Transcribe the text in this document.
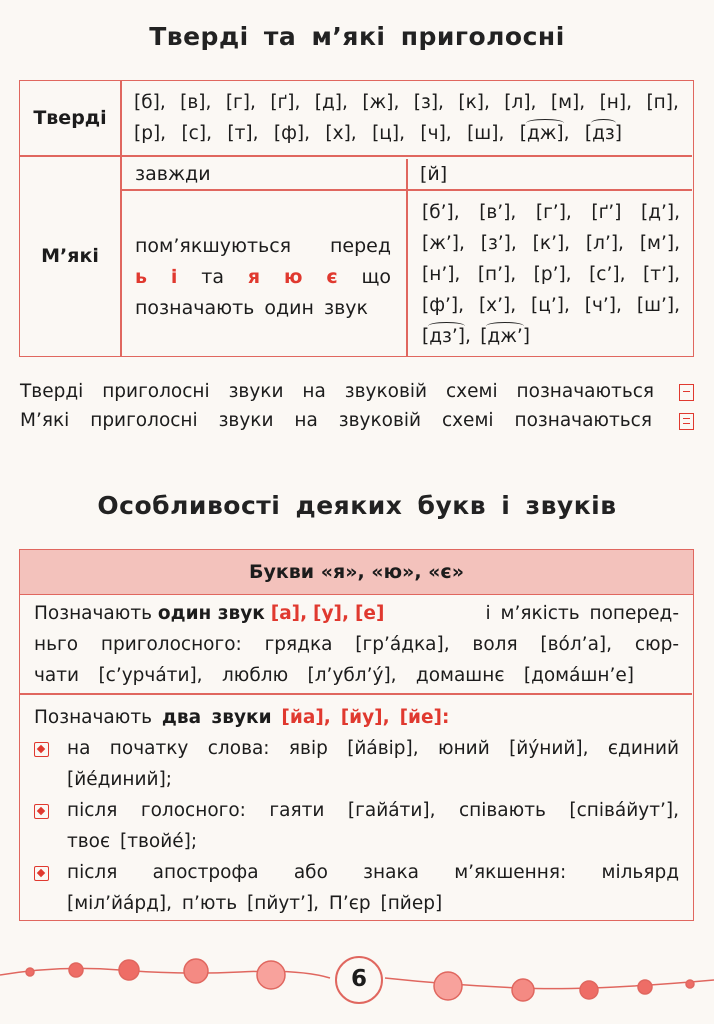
Тверді та м’які приголосні
Тверді
[б], [в], [г], [ґ], [д], [ж], [з], [к], [л], [м], [н], [п],
[р], [с], [т], [ф], [х], [ц], [ч], [ш], [дж], [дз]
М’які
завжди	[й]
пом’якшуються перед
ь і та я ю є що
позначають один звук
[б’], [в’], [г’], [ґ’] [д’],
[ж’], [з’], [к’], [л’], [м’],
[н’], [п’], [р’], [с’], [т’],
[ф’], [х’], [ц’], [ч’], [ш’],
[дз’], [дж’]
Тверді приголосні звуки на звуковій схемі позначаються
М’які приголосні звуки на звуковій схемі позначаються
Особливості деяких букв і звуків
Букви «я», «ю», «є»
Позначають один звук [а], [у], [е]	і м’якість поперед-
ньго приголосного: грядка [гр’áдка], воля [вóл’а], сюр-
чати [с’урчáти], люблю [л’убл’ý], домашнє [домáшн’е]
Позначають два звуки [йа], [йу], [йе]:
на початку слова: явір [йáвір], юний [йýний], єдиний
[йéдиний];
після голосного: гаяти [гайáти], співають [співáйут’],
твоє [твойé];
після апострофа або знака м’якшення: мільярд
[міл’йáрд], п’ють [пйут’], П’єр [пйер]
6
